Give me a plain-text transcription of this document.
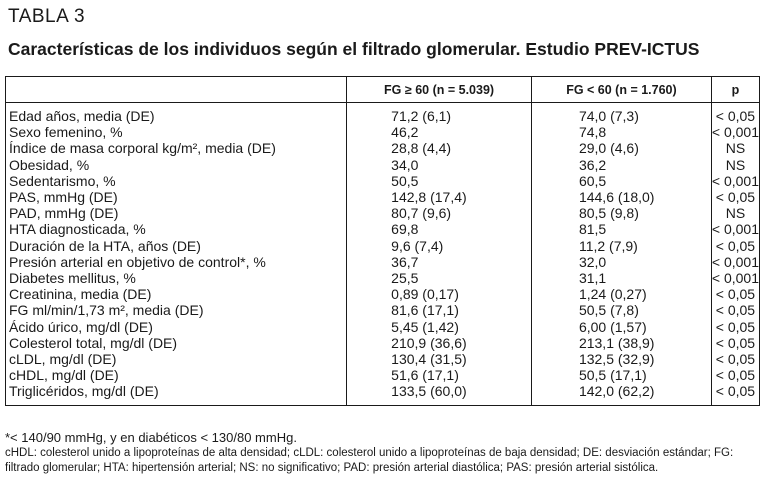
TABLA 3
Características de los individuos según el filtrado glomerular. Estudio PREV-ICTUS
	FG ≥ 60 (n = 5.039)	FG < 60 (n = 1.760)	p
Edad años, media (DE)	71,2 (6,1)	74,0 (7,3)	< 0,05
Sexo femenino, %	46,2	74,8	< 0,001
Índice de masa corporal kg/m², media (DE)	28,8 (4,4)	29,0 (4,6)	NS
Obesidad, %	34,0	36,2	NS
Sedentarismo, %	50,5	60,5	< 0,001
PAS, mmHg (DE)	142,8 (17,4)	144,6 (18,0)	< 0,05
PAD, mmHg (DE)	80,7 (9,6)	80,5 (9,8)	NS
HTA diagnosticada, %	69,8	81,5	< 0,001
Duración de la HTA, años (DE)	9,6 (7,4)	11,2 (7,9)	< 0,05
Presión arterial en objetivo de control*, %	36,7	32,0	< 0,001
Diabetes mellitus, %	25,5	31,1	< 0,001
Creatinina, media (DE)	0,89 (0,17)	1,24 (0,27)	< 0,05
FG ml/min/1,73 m², media (DE)	81,6 (17,1)	50,5 (7,8)	< 0,05
Ácido úrico, mg/dl (DE)	5,45 (1,42)	6,00 (1,57)	< 0,05
Colesterol total, mg/dl (DE)	210,9 (36,6)	213,1 (38,9)	< 0,05
cLDL, mg/dl (DE)	130,4 (31,5)	132,5 (32,9)	< 0,05
cHDL, mg/dl (DE)	51,6 (17,1)	50,5 (17,1)	< 0,05
Triglicéridos, mg/dl (DE)	133,5 (60,0)	142,0 (62,2)	< 0,05
*< 140/90 mmHg, y en diabéticos < 130/80 mmHg.
cHDL: colesterol unido a lipoproteínas de alta densidad; cLDL: colesterol unido a lipoproteínas de baja densidad; DE: desviación estándar; FG: filtrado glomerular; HTA: hipertensión arterial; NS: no significativo; PAD: presión arterial diastólica; PAS: presión arterial sistólica.
